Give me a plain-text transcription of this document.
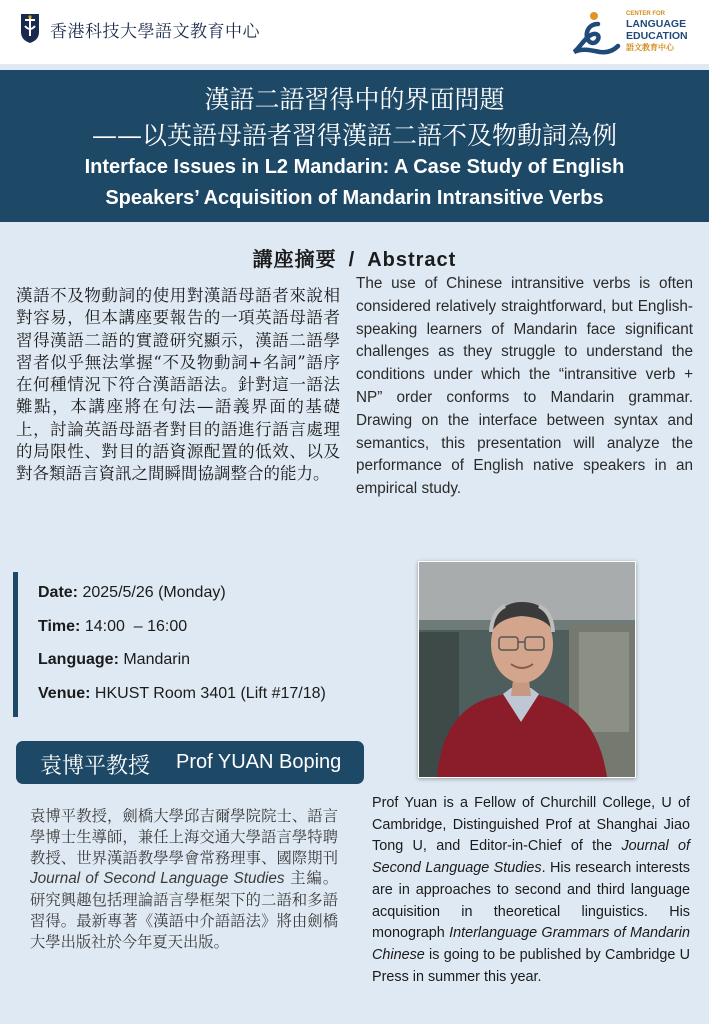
香港科技大學語文教育中心
CENTER FOR
LANGUAGE
EDUCATION
語文教育中心
漢語二語習得中的界面問題
——以英語母語者習得漢語二語不及物動詞為例
Interface Issues in L2 Mandarin: A Case Study of English
Speakers’ Acquisition of Mandarin Intransitive Verbs
講座摘要 / Abstract
漢語不及物動詞的使用對漢語母語者來說相對容易，但本講座要報告的一項英語母語者習得漢語二語的實證研究顯示，漢語二語學習者似乎無法掌握“不及物動詞+名詞”語序在何種情況下符合漢語語法。針對這一語法難點，本講座將在句法—語義界面的基礎上，討論英語母語者對目的語進行語言處理的局限性、對目的語資源配置的低效、以及對各類語言資訊之間瞬間協調整合的能力。
The use of Chinese intransitive verbs is often considered relatively straightforward, but English-speaking learners of Mandarin face significant challenges as they struggle to understand the conditions under which the “intransitive verb + NP” order conforms to Mandarin grammar. Drawing on the interface between syntax and semantics, this presentation will analyze the performance of English native speakers in an empirical study.
Date: 2025/5/26 (Monday)
Time: 14:00  – 16:00
Language: Mandarin
Venue: HKUST Room 3401 (Lift #17/18)
袁博平教授 Prof YUAN Boping
袁博平教授，劍橋大學邱吉爾學院院士、語言學博士生導師，兼任上海交通大學語言學特聘教授、世界漢語教學學會常務理事、國際期刊 Journal of Second Language Studies 主編。研究興趣包括理論語言學框架下的二語和多語習得。最新專著《漢語中介語語法》將由劍橋大學出版社於今年夏天出版。
Prof Yuan is a Fellow of Churchill College, U of Cambridge, Distinguished Prof at Shanghai Jiao Tong U, and Editor-in-Chief of the Journal of Second Language Studies. His research interests are in approaches to second and third language acquisition in theoretical linguistics. His monograph Interlanguage Grammars of Mandarin Chinese is going to be published by Cambridge U Press in summer this year.
